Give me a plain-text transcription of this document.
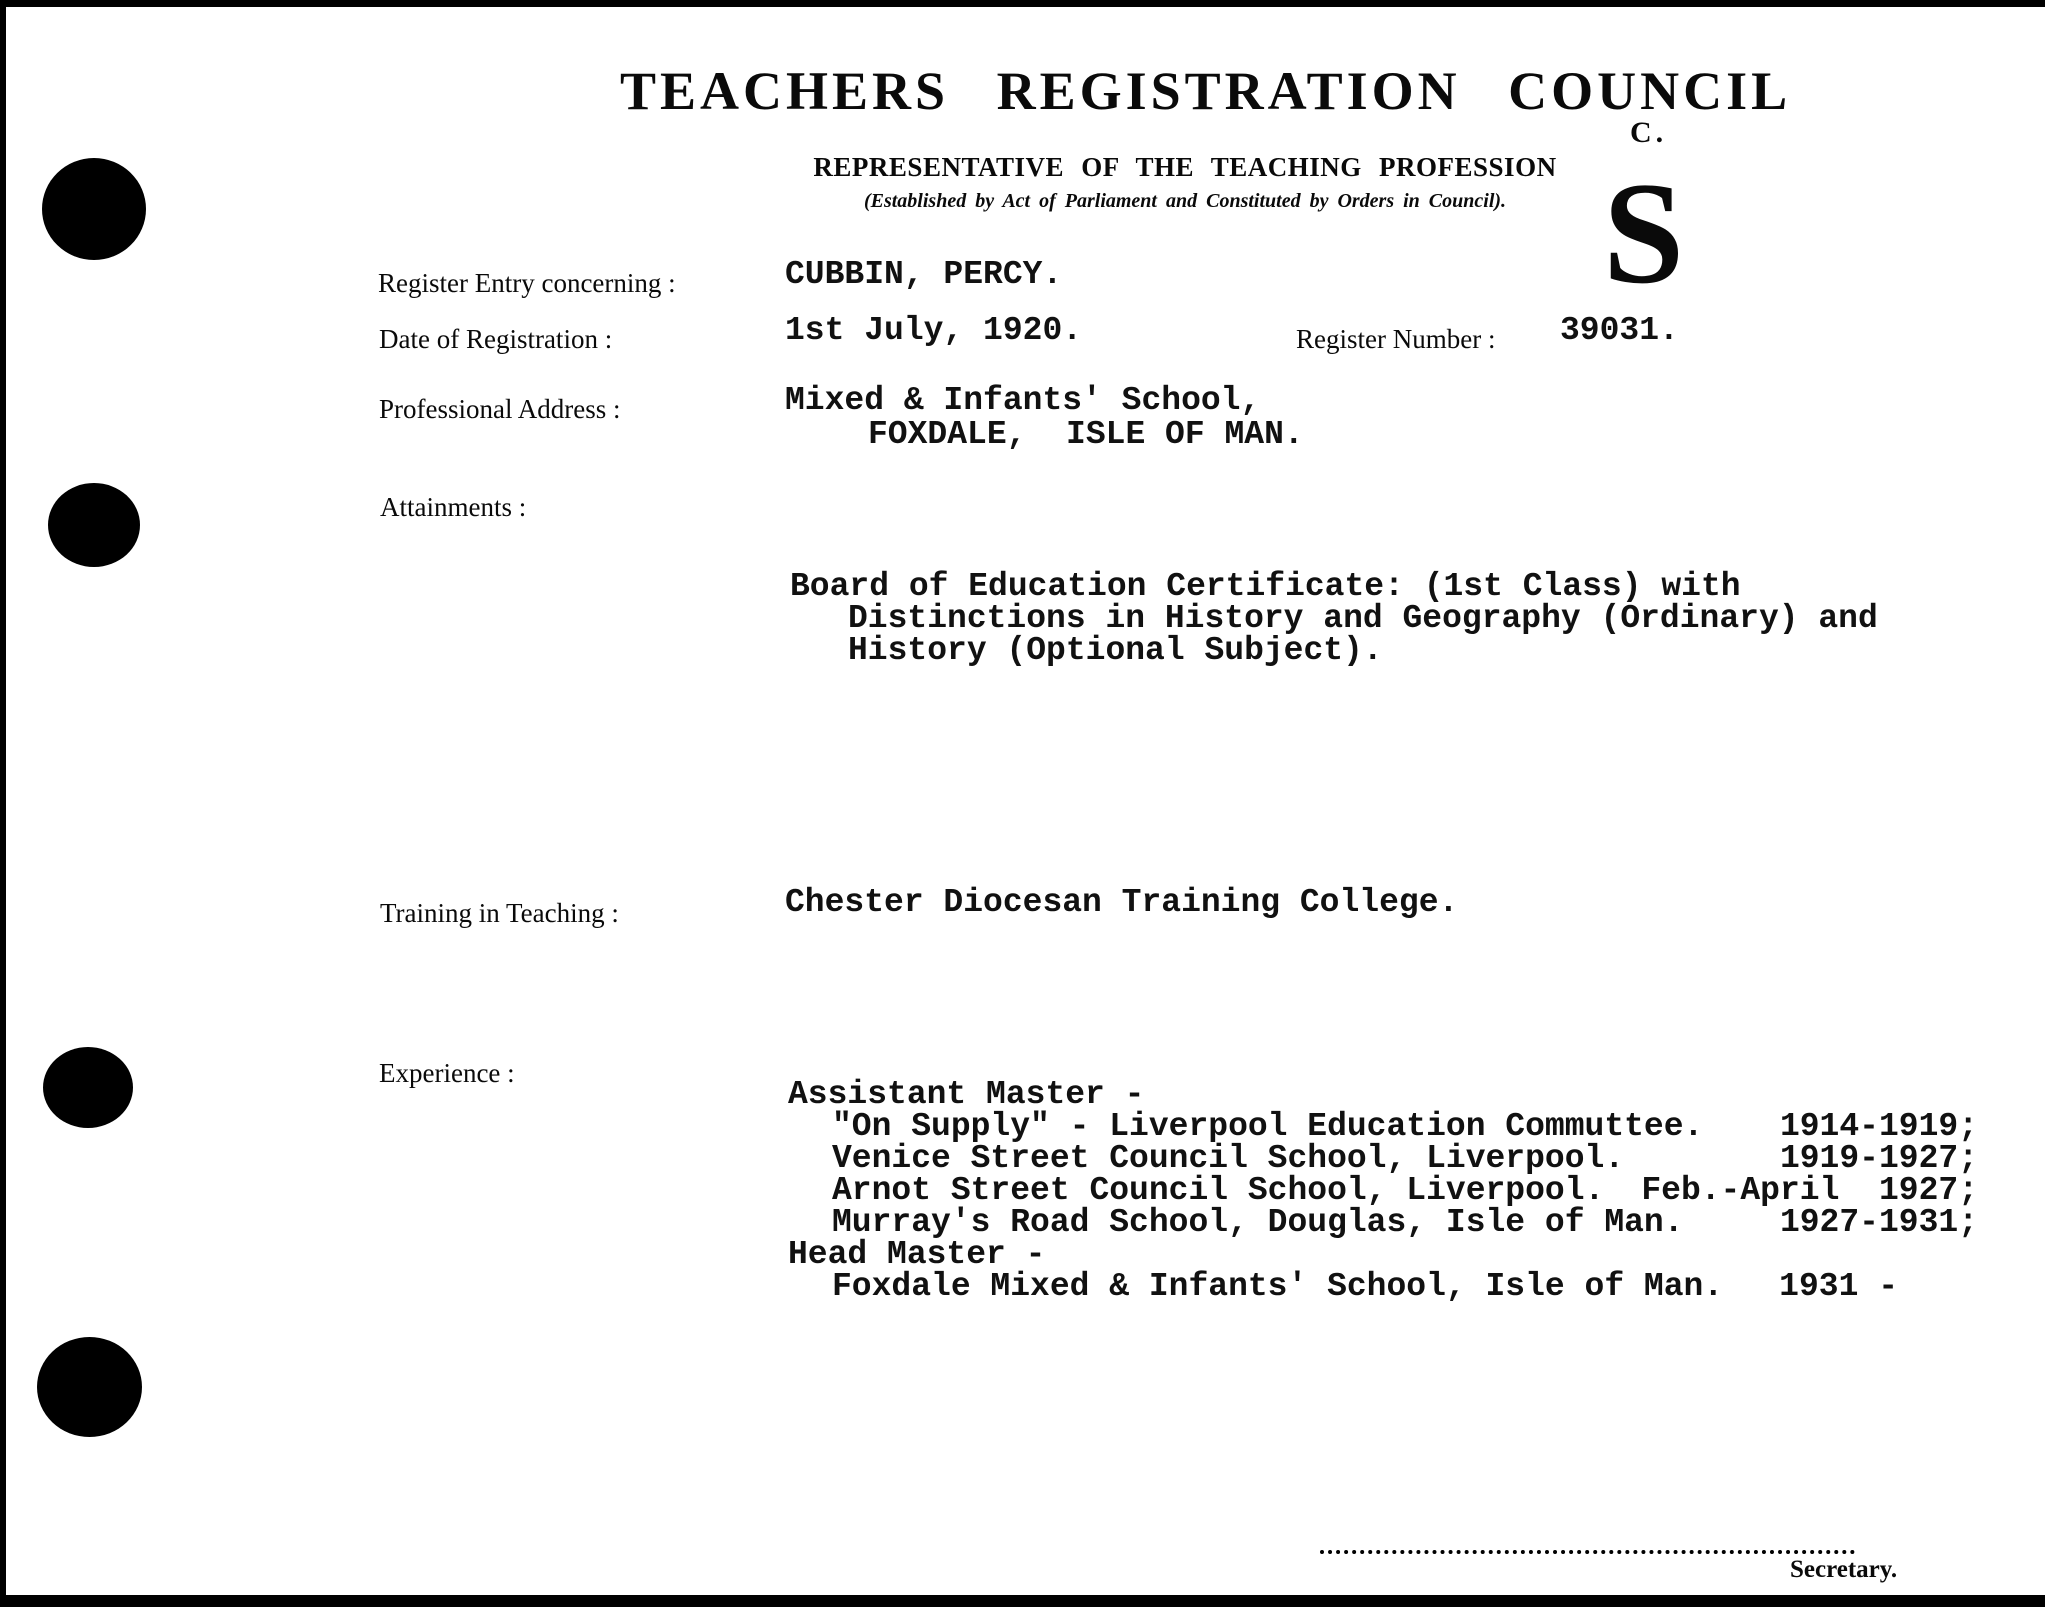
TEACHERS REGISTRATION COUNCIL
REPRESENTATIVE OF THE TEACHING PROFESSION
(Established by Act of Parliament and Constituted by Orders in Council).
C.
S
Register Entry concerning :	CUBBIN, PERCY.
Date of Registration :	1st July, 1920.	Register Number : 39031.
Professional Address :	Mixed & Infants' School,
FOXDALE,  ISLE OF MAN.
Attainments :
Board of Education Certificate: (1st Class) with
Distinctions in History and Geography (Ordinary) and
History (Optional Subject).
Training in Teaching :	Chester Diocesan Training College.
Experience :
Assistant Master -
"On Supply" - Liverpool Education Commuttee. 1914-1919;
Venice Street Council School, Liverpool.	1919-1927;
Arnot Street Council School, Liverpool. Feb.-April  1927;
Murray's Road School, Douglas, Isle of Man.	1927-1931;
Head Master -
Foxdale Mixed & Infants' School, Isle of Man. 1931 -
Secretary.
